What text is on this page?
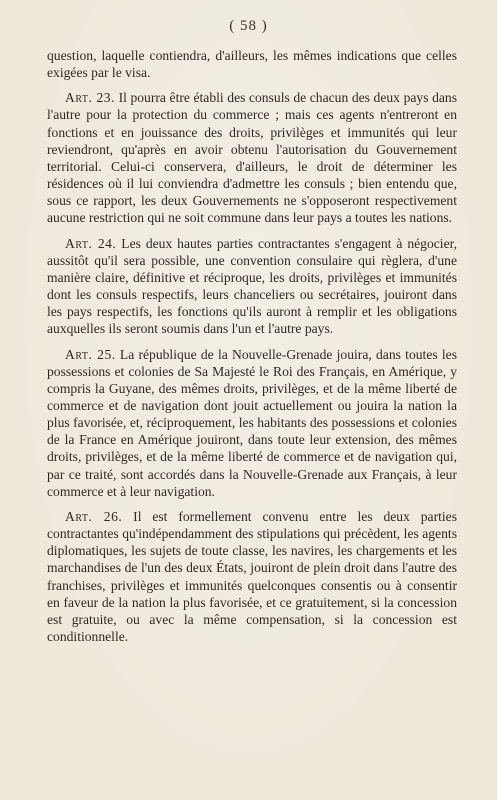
( 58 )

question, laquelle contiendra, d'ailleurs, les mêmes indications que celles exigées par le visa.

Art. 23. Il pourra être établi des consuls de chacun des deux pays dans l'autre pour la protection du commerce ; mais ces agents n'entreront en fonctions et en jouissance des droits, privilèges et immunités qui leur reviendront, qu'après en avoir obtenu l'autorisation du Gouvernement territorial. Celui-ci conservera, d'ailleurs, le droit de déterminer les résidences où il lui conviendra d'admettre les consuls ; bien entendu que, sous ce rapport, les deux Gouvernements ne s'opposeront respectivement aucune restriction qui ne soit commune dans leur pays a toutes les nations.

Art. 24. Les deux hautes parties contractantes s'engagent à négocier, aussitôt qu'il sera possible, une convention consulaire qui règlera, d'une manière claire, définitive et réciproque, les droits, privilèges et immunités dont les consuls respectifs, leurs chanceliers ou secrétaires, jouiront dans les pays respectifs, les fonctions qu'ils auront à remplir et les obligations auxquelles ils seront soumis dans l'un et l'autre pays.

Art. 25. La république de la Nouvelle-Grenade jouira, dans toutes les possessions et colonies de Sa Majesté le Roi des Français, en Amérique, y compris la Guyane, des mêmes droits, privilèges, et de la même liberté de commerce et de navigation dont jouit actuellement ou jouira la nation la plus favorisée, et, réciproquement, les habitants des possessions et colonies de la France en Amérique jouiront, dans toute leur extension, des mêmes droits, privilèges, et de la même liberté de commerce et de navigation qui, par ce traité, sont accordés dans la Nouvelle-Grenade aux Français, à leur commerce et à leur navigation.

Art. 26. Il est formellement convenu entre les deux parties contractantes qu'indépendamment des stipulations qui précèdent, les agents diplomatiques, les sujets de toute classe, les navires, les chargements et les marchandises de l'un des deux États, jouiront de plein droit dans l'autre des franchises, privilèges et immunités quelconques consentis ou à consentir en faveur de la nation la plus favorisée, et ce gratuitement, si la concession est gratuite, ou avec la même compensation, si la concession est conditionnelle.
